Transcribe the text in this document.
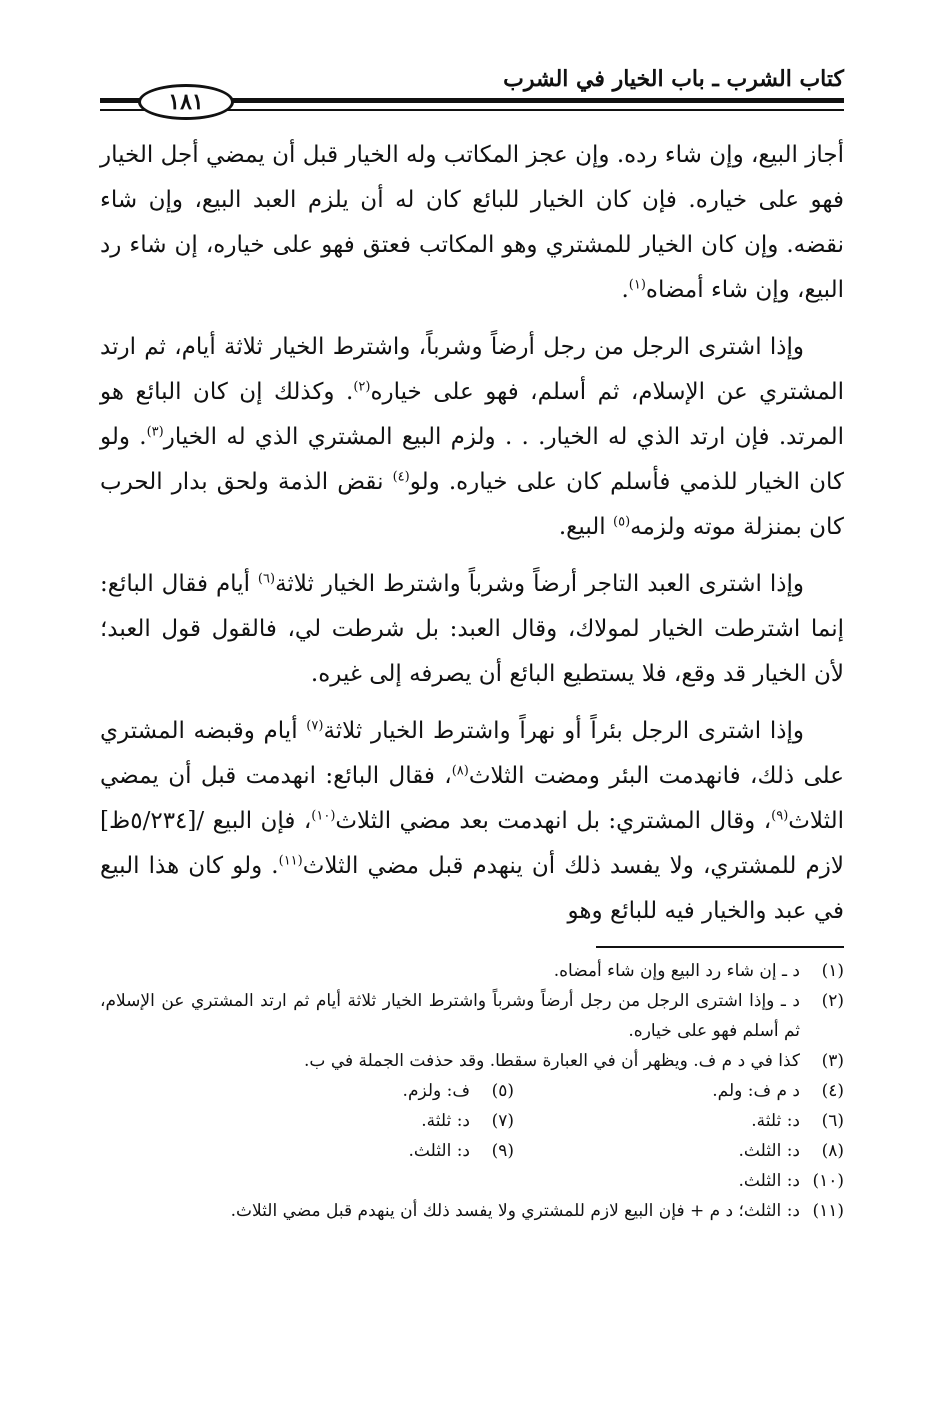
كتاب الشرب ـ باب الخيار في الشرب
١٨١

أجاز البيع، وإن شاء رده. وإن عجز المكاتب وله الخيار قبل أن يمضي أجل الخيار فهو على خياره. فإن كان الخيار للبائع كان له أن يلزم العبد البيع، وإن شاء نقضه. وإن كان الخيار للمشتري وهو المكاتب فعتق فهو على خياره، إن شاء رد البيع، وإن شاء أمضاه$^{(١)}$.

وإذا اشترى الرجل من رجل أرضاً وشرباً، واشترط الخيار ثلاثة أيام، ثم ارتد المشتري عن الإسلام، ثم أسلم، فهو على خياره$^{(٢)}$. وكذلك إن كان البائع هو المرتد. فإن ارتد الذي له الخيار. . . ولزم البيع المشتري الذي له الخيار$^{(٣)}$. ولو كان الخيار للذمي فأسلم كان على خياره. ولو$^{(٤)}$ نقض الذمة ولحق بدار الحرب كان بمنزلة موته ولزمه$^{(٥)}$ البيع.

وإذا اشترى العبد التاجر أرضاً وشرباً واشترط الخيار ثلاثة$^{(٦)}$ أيام فقال البائع: إنما اشترطت الخيار لمولاك، وقال العبد: بل شرطت لي، فالقول قول العبد؛ لأن الخيار قد وقع، فلا يستطيع البائع أن يصرفه إلى غيره.

وإذا اشترى الرجل بئراً أو نهراً واشترط الخيار ثلاثة$^{(٧)}$ أيام وقبضه المشتري على ذلك، فانهدمت البئر ومضت الثلاث$^{(٨)}$، فقال البائع: انهدمت قبل أن يمضي الثلاث$^{(٩)}$، وقال المشتري: بل انهدمت بعد مضي الثلاث$^{(١٠)}$، فإن البيع /[٥/٢٣٤ظ] لازم للمشتري، ولا يفسد ذلك أن ينهدم قبل مضي الثلاث$^{(١١)}$. ولو كان هذا البيع في عبد والخيار فيه للبائع وهو

(١)
د ـ إن شاء رد البيع وإن شاء أمضاه.
(٢)
د ـ وإذا اشترى الرجل من رجل أرضاً وشرباً واشترط الخيار ثلاثة أيام ثم ارتد المشتري عن الإسلام، ثم أسلم فهو على خياره.
(٣)
كذا في د م ف. ويظهر أن في العبارة سقطا. وقد حذفت الجملة في ب.
(٤)
د م ف: ولم.
(٥)
ف: ولزم.
(٦)
د: ثلثة.
(٧)
د: ثلثة.
(٨)
د: الثلث.
(٩)
د: الثلث.
(١٠)
د: الثلث.
(١١)
د: الثلث؛ د م + فإن البيع لازم للمشتري ولا يفسد ذلك أن ينهدم قبل مضي الثلاث.
